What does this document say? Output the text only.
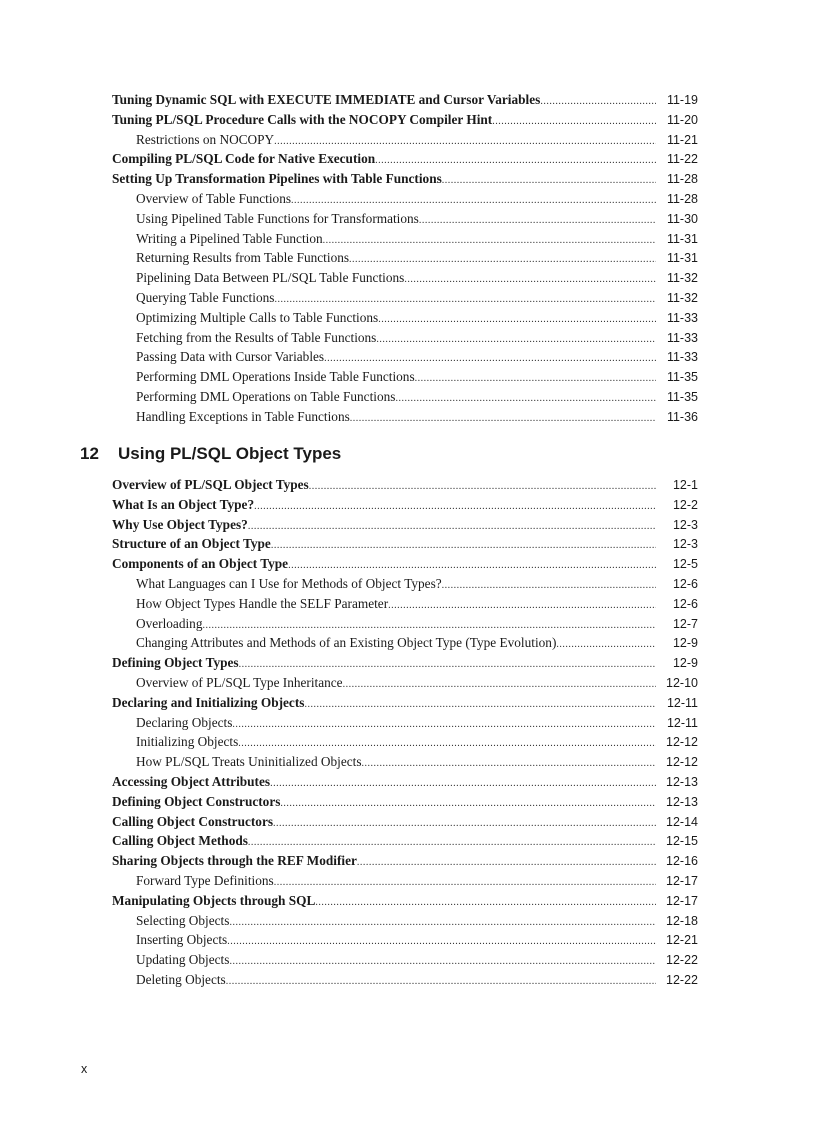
Tuning Dynamic SQL with EXECUTE IMMEDIATE and Cursor Variables .....	11-19
Tuning PL/SQL Procedure Calls with the NOCOPY Compiler Hint .....	11-20
Restrictions on NOCOPY .....	11-21
Compiling PL/SQL Code for Native Execution .....	11-22
Setting Up Transformation Pipelines with Table Functions .....	11-28
Overview of Table Functions .....	11-28
Using Pipelined Table Functions for Transformations .....	11-30
Writing a Pipelined Table Function .....	11-31
Returning Results from Table Functions .....	11-31
Pipelining Data Between PL/SQL Table Functions .....	11-32
Querying Table Functions .....	11-32
Optimizing Multiple Calls to Table Functions .....	11-33
Fetching from the Results of Table Functions .....	11-33
Passing Data with Cursor Variables .....	11-33
Performing DML Operations Inside Table Functions .....	11-35
Performing DML Operations on Table Functions .....	11-35
Handling Exceptions in Table Functions .....	11-36
12	Using PL/SQL Object Types
Overview of PL/SQL Object Types .....	12-1
What Is an Object Type? .....	12-2
Why Use Object Types? .....	12-3
Structure of an Object Type .....	12-3
Components of an Object Type .....	12-5
What Languages can I Use for Methods of Object Types? .....	12-6
How Object Types Handle the SELF Parameter .....	12-6
Overloading .....	12-7
Changing Attributes and Methods of an Existing Object Type (Type Evolution) .....	12-9
Defining Object Types .....	12-9
Overview of PL/SQL Type Inheritance .....	12-10
Declaring and Initializing Objects .....	12-11
Declaring Objects .....	12-11
Initializing Objects .....	12-12
How PL/SQL Treats Uninitialized Objects .....	12-12
Accessing Object Attributes .....	12-13
Defining Object Constructors .....	12-13
Calling Object Constructors .....	12-14
Calling Object Methods .....	12-15
Sharing Objects through the REF Modifier .....	12-16
Forward Type Definitions .....	12-17
Manipulating Objects through SQL .....	12-17
Selecting Objects .....	12-18
Inserting Objects .....	12-21
Updating Objects .....	12-22
Deleting Objects .....	12-22
x
